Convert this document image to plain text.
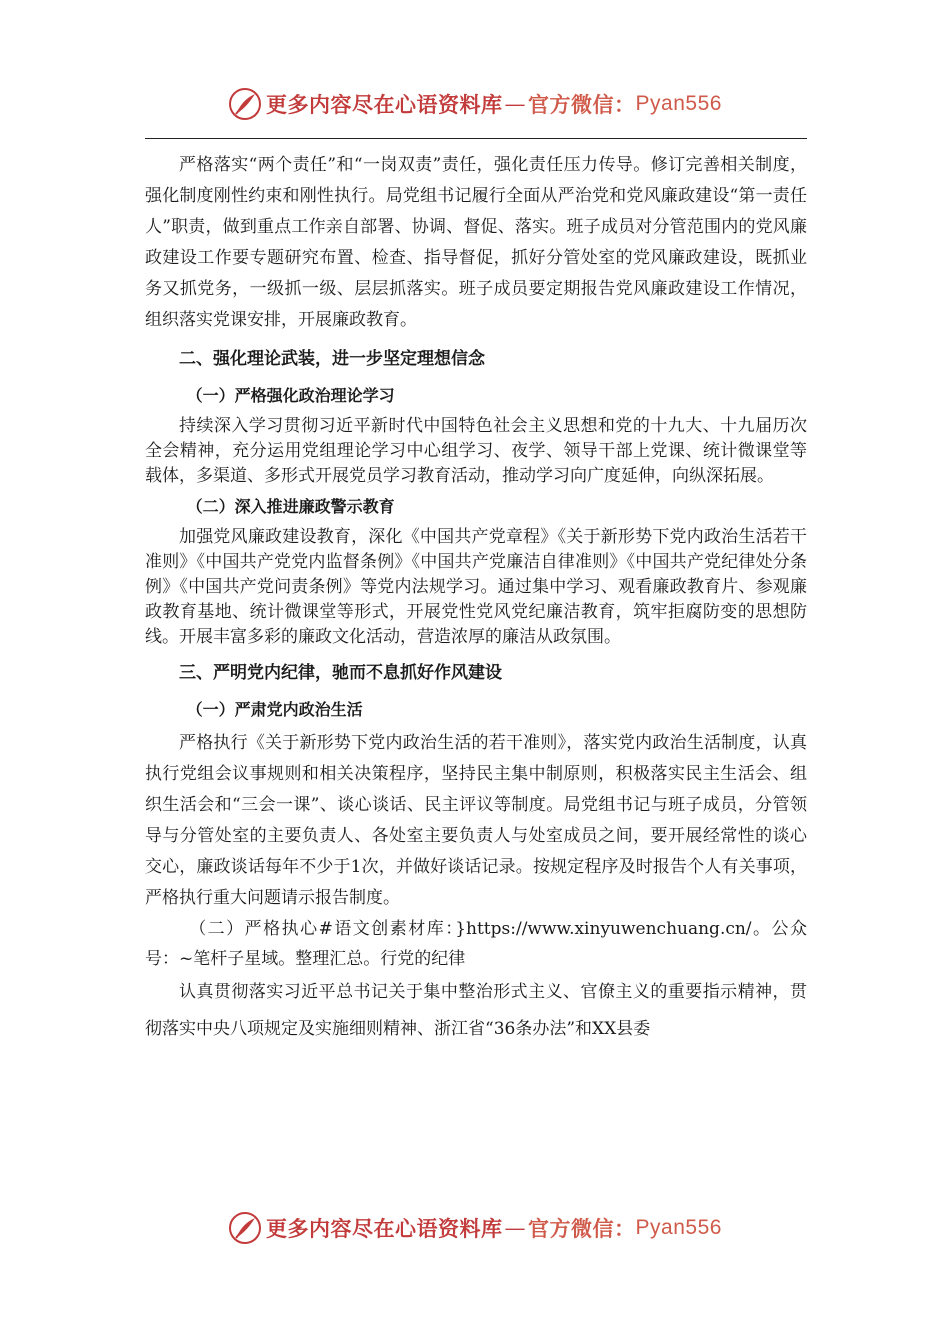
更多内容尽在心语资料库 — 官方微信： Pyan556

严格落实“两个责任”和“一岗双责”责任，强化责任压力传导。修订完善相关制度，强化制度刚性约束和刚性执行。局党组书记履行全面从严治党和党风廉政建设“第一责任人”职责，做到重点工作亲自部署、协调、督促、落实。班子成员对分管范围内的党风廉政建设工作要专题研究布置、检查、指导督促，抓好分管处室的党风廉政建设，既抓业务又抓党务，一级抓一级、层层抓落实。班子成员要定期报告党风廉政建设工作情况，组织落实党课安排，开展廉政教育。

二、强化理论武装，进一步坚定理想信念
（一）严格强化政治理论学习

持续深入学习贯彻习近平新时代中国特色社会主义思想和党的十九大、十九届历次全会精神，充分运用党组理论学习中心组学习、夜学、领导干部上党课、统计微课堂等载体，多渠道、多形式开展党员学习教育活动，推动学习向广度延伸，向纵深拓展。

（二）深入推进廉政警示教育

加强党风廉政建设教育，深化《中国共产党章程》《关于新形势下党内政治生活若干准则》《中国共产党党内监督条例》《中国共产党廉洁自律准则》《中国共产党纪律处分条例》《中国共产党问责条例》等党内法规学习。通过集中学习、观看廉政教育片、参观廉政教育基地、统计微课堂等形式，开展党性党风党纪廉洁教育，筑牢拒腐防变的思想防线。开展丰富多彩的廉政文化活动，营造浓厚的廉洁从政氛围。

三、严明党内纪律，驰而不息抓好作风建设
（一）严肃党内政治生活

严格执行《关于新形势下党内政治生活的若干准则》，落实党内政治生活制度，认真执行党组会议事规则和相关决策程序，坚持民主集中制原则，积极落实民主生活会、组织生活会和“三会一课”、谈心谈话、民主评议等制度。局党组书记与班子成员，分管领导与分管处室的主要负责人、各处室主要负责人与处室成员之间，要开展经常性的谈心交心，廉政谈话每年不少于1次，并做好谈话记录。按规定程序及时报告个人有关事项，严格执行重大问题请示报告制度。

（二）严格执心#语文创素材库：}https://www.xinyuwenchuang.cn/。公众号：~笔杆子星域。整理汇总。行党的纪律

认真贯彻落实习近平总书记关于集中整治形式主义、官僚主义的重要指示精神，贯彻落实中央八项规定及实施细则精神、浙江省“36条办法”和XX县委

更多内容尽在心语资料库 — 官方微信： Pyan556
